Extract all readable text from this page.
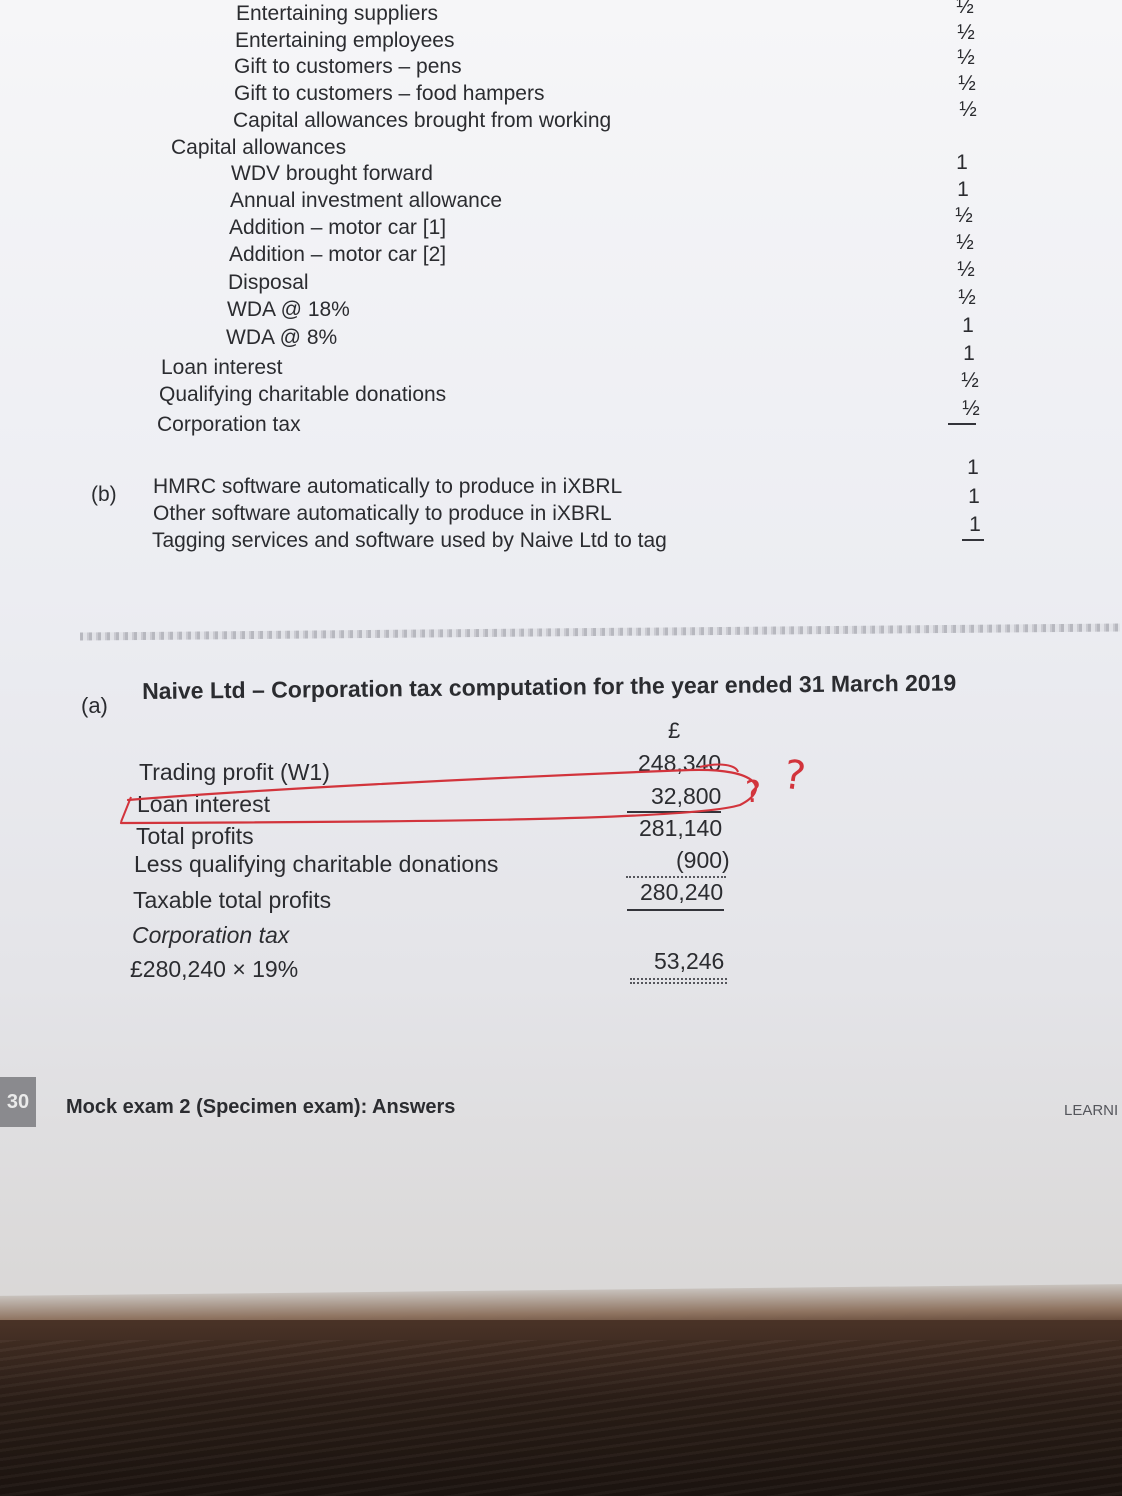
Entertaining suppliers
Entertaining employees
Gift to customers – pens
Gift to customers – food hampers
Capital allowances brought from working
½
½
½
½
½
Capital allowances
WDV brought forward
Annual investment allowance
Addition – motor car [1]
Addition – motor car [2]
Disposal
WDA @ 18%
WDA @ 8%
1
1
½
½
½
½
1
Loan interest
Qualifying charitable donations
Corporation tax
1
½
½
(b) HMRC software automatically to produce in iXBRL
Other software automatically to produce in iXBRL
Tagging services and software used by Naive Ltd to tag
1
1
1
(a)
Naive Ltd – Corporation tax computation for the year ended 31 March 2019
£
Trading profit (W1)
Loan interest
Total profits
Less qualifying charitable donations
Taxable total profits
Corporation tax
£280,240 × 19%
248,340
32,800
281,140
(900)
280,240
53,246
? ?
30 Mock exam 2 (Specimen exam): Answers	LEARNI
